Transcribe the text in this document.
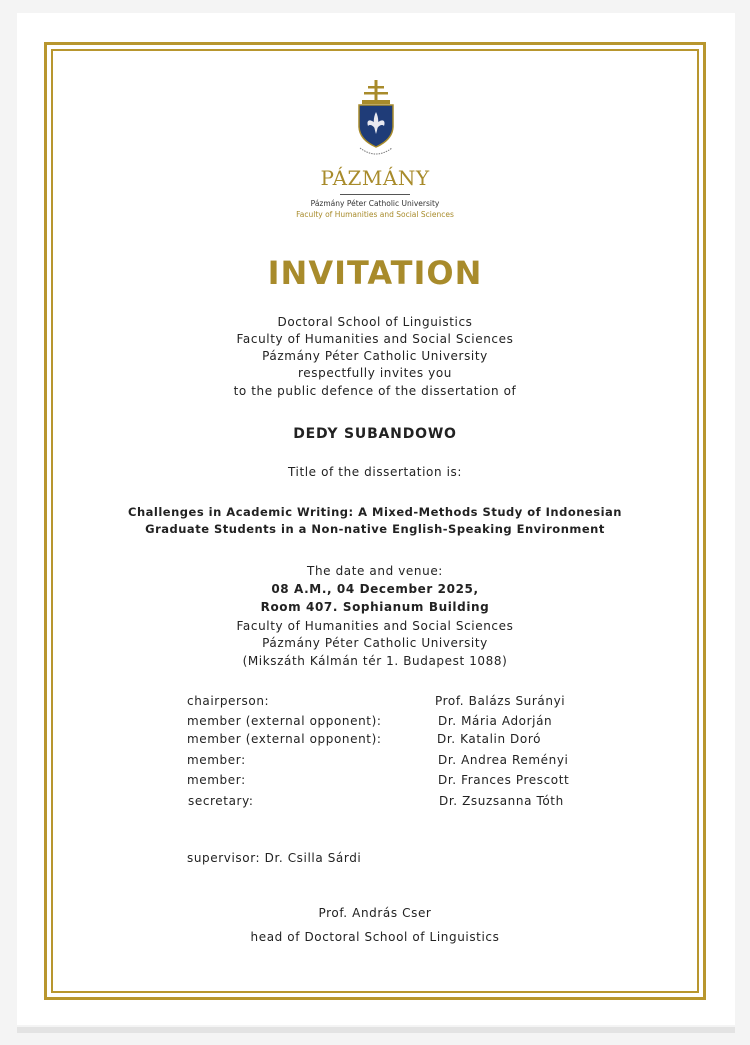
PÁZMÁNY
Pázmány Péter Catholic University
Faculty of Humanities and Social Sciences
INVITATION
Doctoral School of Linguistics
Faculty of Humanities and Social Sciences
Pázmány Péter Catholic University
respectfully invites you
to the public defence of the dissertation of
DEDY SUBANDOWO
Title of the dissertation is:
Challenges in Academic Writing: A Mixed-Methods Study of Indonesian
Graduate Students in a Non-native English-Speaking Environment
The date and venue:
08 A.M., 04 December 2025,
Room 407. Sophianum Building
Faculty of Humanities and Social Sciences
Pázmány Péter Catholic University
(Mikszáth Kálmán tér 1. Budapest 1088)
chairperson:	Prof. Balázs Surányi
member (external opponent):	Dr. Mária Adorján
member (external opponent):	Dr. Katalin Doró
member:	Dr. Andrea Reményi
member:	Dr. Frances Prescott
secretary:	Dr. Zsuzsanna Tóth
supervisor: Dr. Csilla Sárdi
Prof. András Cser
head of Doctoral School of Linguistics
